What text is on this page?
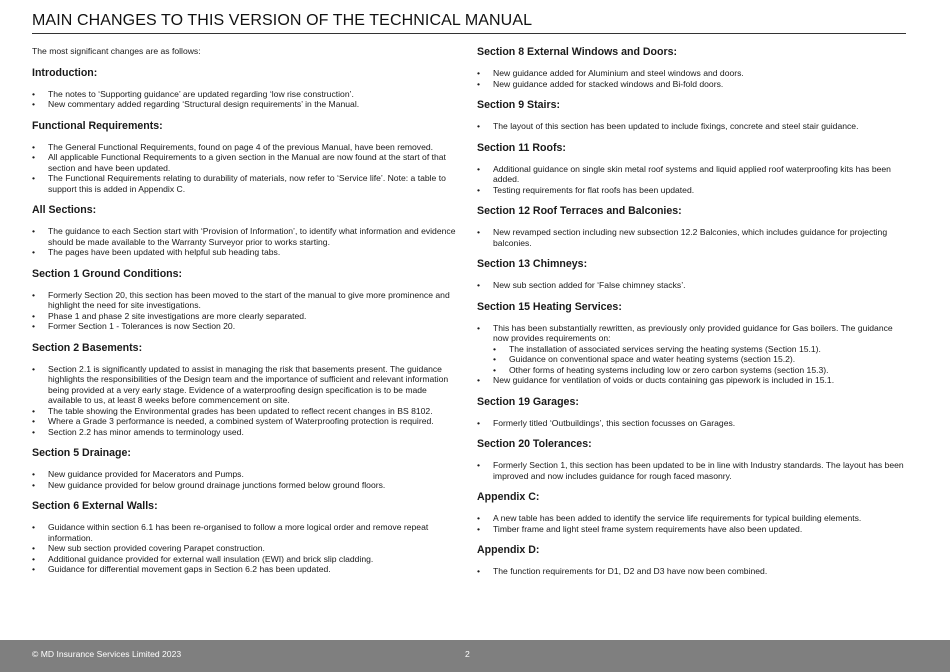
MAIN CHANGES TO THIS VERSION OF THE TECHNICAL MANUAL

The most significant changes are as follows:

Introduction:
• The notes to ‘Supporting guidance’ are updated regarding ‘low rise construction’.
• New commentary added regarding ‘Structural design requirements’ in the Manual.
Functional Requirements:
• The General Functional Requirements, found on page 4 of the previous Manual, have been removed.
• All applicable Functional Requirements to a given section in the Manual are now found at the start of that section and have been updated.
• The Functional Requirements relating to durability of materials, now refer to ‘Service life’. Note: a table to support this is added in Appendix C.
All Sections:
• The guidance to each Section start with ‘Provision of Information’, to identify what information and evidence should be made available to the Warranty Surveyor prior to works starting.
• The pages have been updated with helpful sub heading tabs.
Section 1 Ground Conditions:
• Formerly Section 20, this section has been moved to the start of the manual to give more prominence and highlight the need for site investigations.
• Phase 1 and phase 2 site investigations are more clearly separated.
• Former Section 1 - Tolerances is now Section 20.
Section 2 Basements:
• Section 2.1 is significantly updated to assist in managing the risk that basements present. The guidance highlights the responsibilities of the Design team and the importance of sufficient and relevant information being provided at a very early stage. Evidence of a waterproofing design specification is to be made available to us, at least 8 weeks before commencement on site.
• The table showing the Environmental grades has been updated to reflect recent changes in BS 8102.
• Where a Grade 3 performance is needed, a combined system of Waterproofing protection is required.
• Section 2.2 has minor amends to terminology used.
Section 5 Drainage:
• New guidance provided for Macerators and Pumps.
• New guidance provided for below ground drainage junctions formed below ground floors.
Section 6 External Walls:
• Guidance within section 6.1 has been re-organised to follow a more logical order and remove repeat information.
• New sub section provided covering Parapet construction.
• Additional guidance provided for external wall insulation (EWI) and brick slip cladding.
• Guidance for differential movement gaps in Section 6.2 has been updated.
Section 8 External Windows and Doors:
• New guidance added for Aluminium and steel windows and doors.
• New guidance added for stacked windows and Bi-fold doors.
Section 9 Stairs:
• The layout of this section has been updated to include fixings, concrete and steel stair guidance.
Section 11 Roofs:
• Additional guidance on single skin metal roof systems and liquid applied roof waterproofing kits has been added.
• Testing requirements for flat roofs has been updated.
Section 12 Roof Terraces and Balconies:
• New revamped section including new subsection 12.2 Balconies, which includes guidance for projecting balconies.
Section 13 Chimneys:
• New sub section added for ‘False chimney stacks’.
Section 15 Heating Services:
• This has been substantially rewritten, as previously only provided guidance for Gas boilers. The guidance now provides requirements on:
• The installation of associated services serving the heating systems (Section 15.1).
• Guidance on conventional space and water heating systems (section 15.2).
• Other forms of heating systems including low or zero carbon systems (section 15.3).
• New guidance for ventilation of voids or ducts containing gas pipework is included in 15.1.
Section 19 Garages:
• Formerly titled ‘Outbuildings’, this section focusses on Garages.
Section 20 Tolerances:
• Formerly Section 1, this section has been updated to be in line with Industry standards. The layout has been improved and now includes guidance for rough faced masonry.
Appendix C:
• A new table has been added to identify the service life requirements for typical building elements.
• Timber frame and light steel frame system requirements have also been updated.
Appendix D:
• The function requirements for D1, D2 and D3 have now been combined.
© MD Insurance Services Limited 2023	2
